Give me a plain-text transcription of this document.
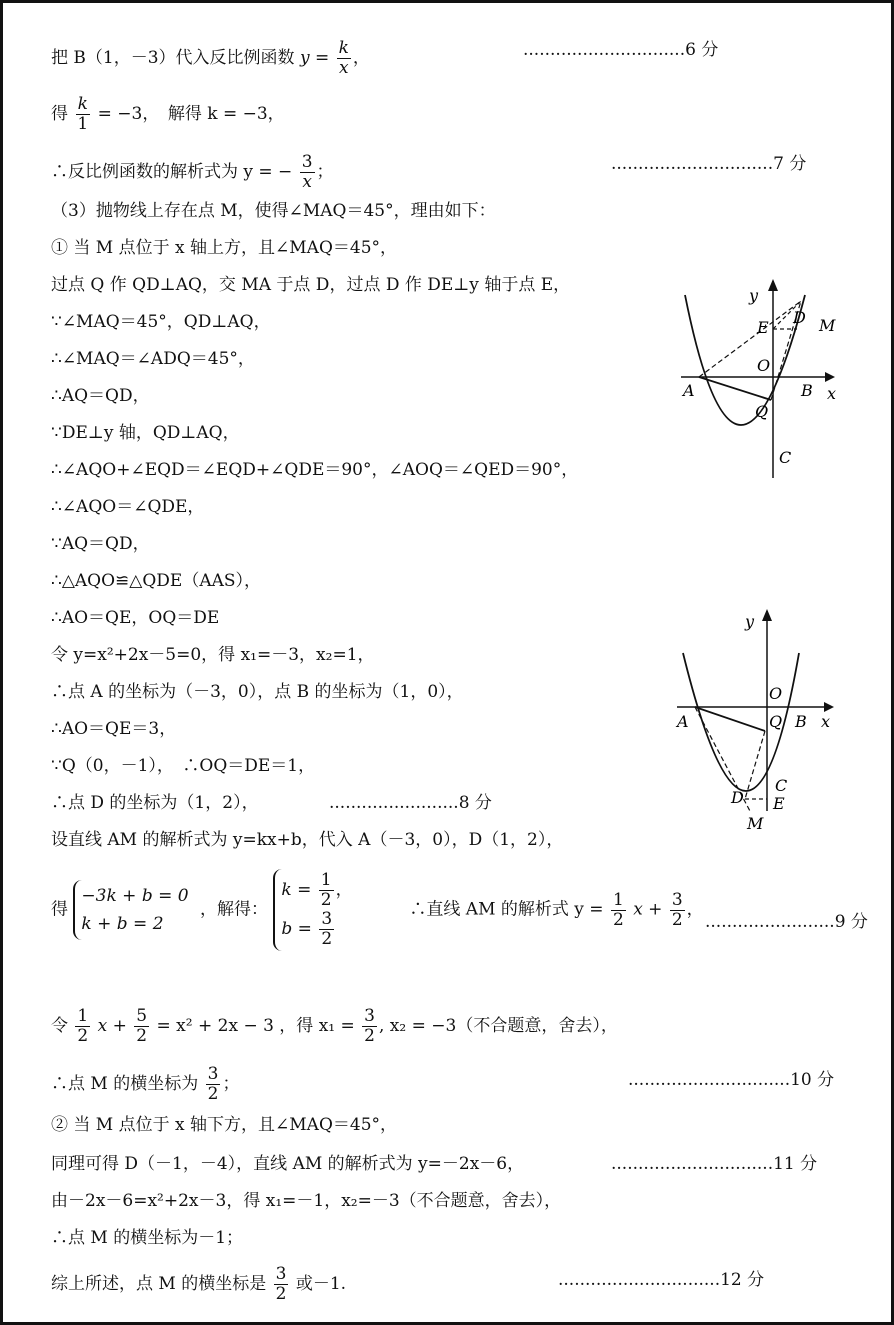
把 B（1，－3）代入反比例函数 $y = \frac{k}{x}$ ，	..............................6 分
得 $\frac{k}{1} = -3$，　解得 k = −3，
∴反比例函数的解析式为 y = − $\frac{3}{x}$ ；	..............................7 分
（3）抛物线上存在点 M，使得∠MAQ＝45°，理由如下：
① 当 M 点位于 x 轴上方，且∠MAQ＝45°，
过点 Q 作 QD⊥AQ，交 MA 于点 D，过点 D 作 DE⊥y 轴于点 E，
∵∠MAQ＝45°，QD⊥AQ，
∴∠MAQ＝∠ADQ＝45°，
∴AQ＝QD，
∵DE⊥y 轴，QD⊥AQ，
∴∠AQO+∠EQD＝∠EQD+∠QDE＝90°，∠AOQ＝∠QED＝90°，
∴∠AQO＝∠QDE，
∵AQ＝QD，
∴△AQO≌△QDE（AAS），
∴AO＝QE，OQ＝DE
令 y=x²+2x－5=0，得 x₁=－3，x₂=1，
∴点 A 的坐标为（－3，0），点 B 的坐标为（1，0），
∴AO＝QE＝3，
∵Q（0，－1），　∴OQ＝DE＝1，
∴点 D 的坐标为（1，2），	........................8 分
设直线 AM 的解析式为 y=kx+b，代入 A（－3，0），D（1，2），
得
−3k + b = 0
k + b = 2
，解得：
$k = \frac{1}{2}$ ，
$b = \frac{3}{2}$
∴直线 AM 的解析式 $y = \frac{1}{2}$ $x + \frac{3}{2}$ ，
........................9 分
令 $\frac{1}{2}$ $x + \frac{5}{2} = x^2 + 2x - 3$ ，得 $x_1 = \frac{3}{2}$ , x₂ = −3（不合题意，舍去），
∴点 M 的横坐标为 $\frac{3}{2}$ ；	..............................10 分
② 当 M 点位于 x 轴下方，且∠MAQ＝45°，
同理可得 D（－1，－4），直线 AM 的解析式为 y=－2x－6，	..............................11 分
由－2x－6=x²+2x－3，得 x₁=－1，x₂=－3（不合题意，舍去），
∴点 M 的横坐标为－1；
综上所述，点 M 的横坐标是 $\frac{3}{2}$ 或－1.	..............................12 分
y
x
O
A	B
Q
C
D
E	M
y
x
O
A	B
Q
C
D E
M
